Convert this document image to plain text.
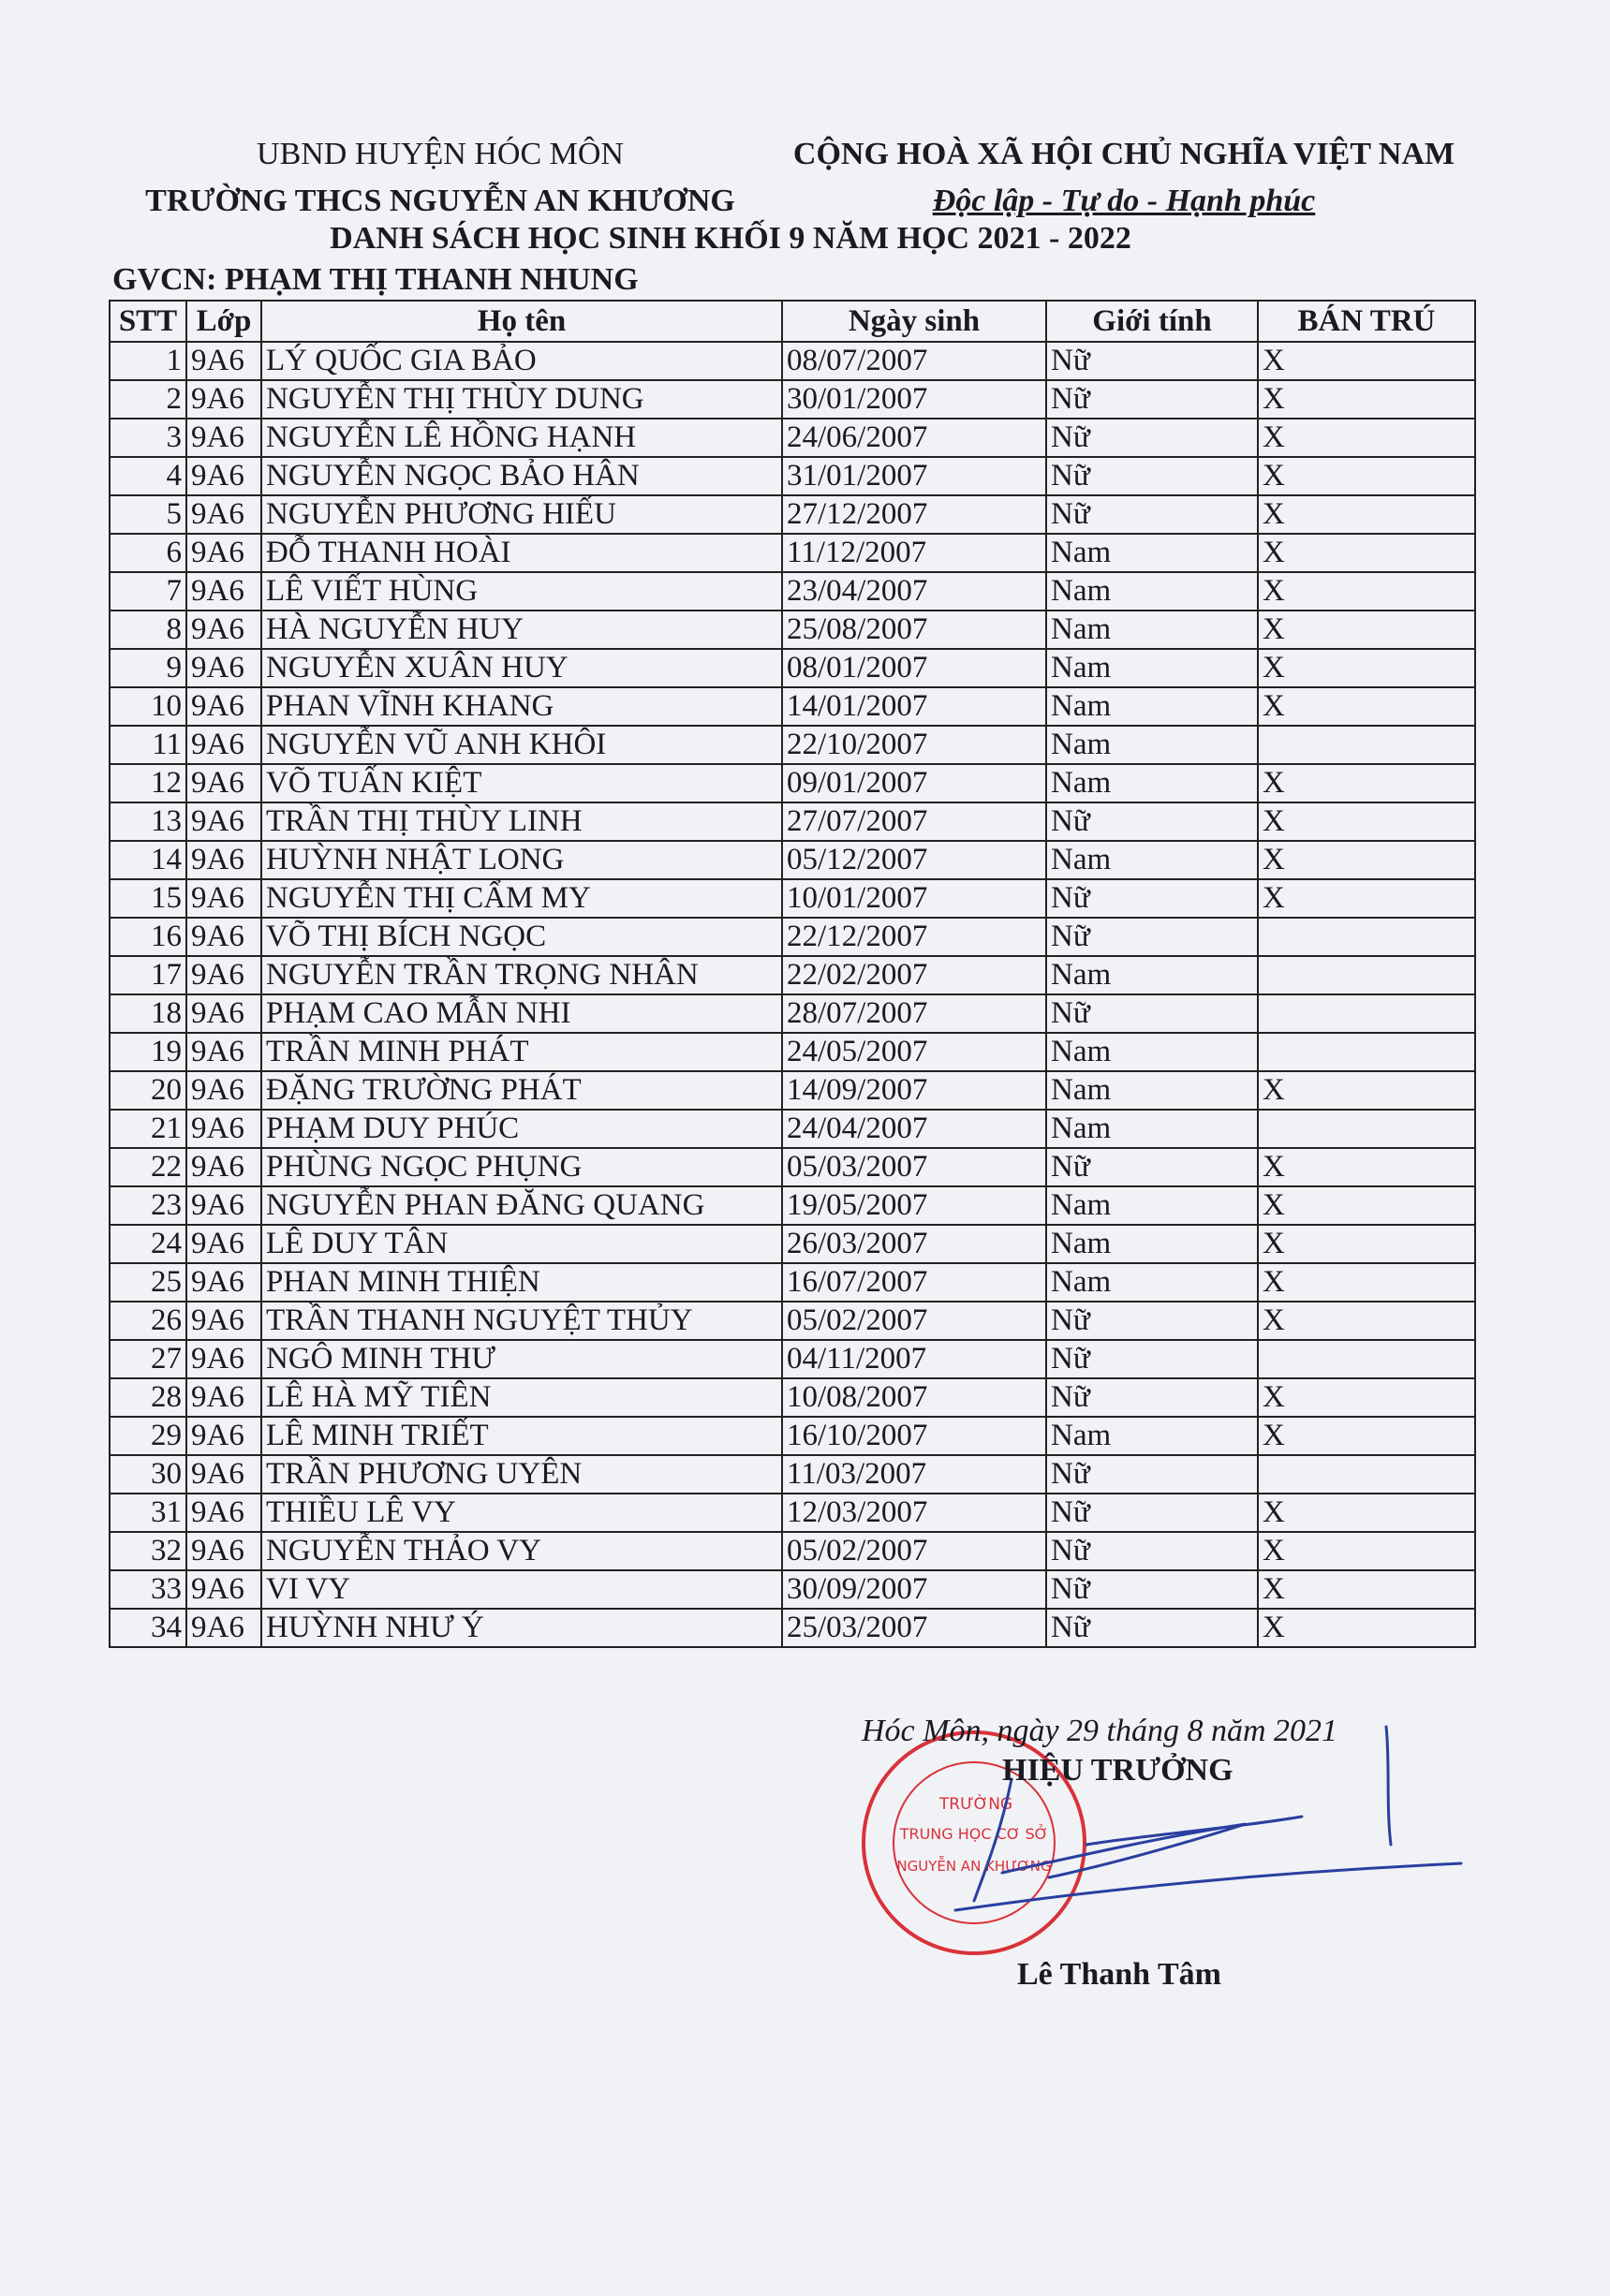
UBND HUYỆN HÓC MÔN
TRƯỜNG THCS NGUYỄN AN KHƯƠNG
CỘNG HOÀ XÃ HỘI CHỦ NGHĨA VIỆT NAM
Độc lập - Tự do - Hạnh phúc
DANH SÁCH HỌC SINH KHỐI 9 NĂM HỌC 2021 - 2022
GVCN: PHẠM THỊ THANH NHUNG
STT	Lớp	Họ tên	Ngày sinh	Giới tính	BÁN TRÚ
1	9A6	LÝ QUỐC GIA BẢO	08/07/2007	Nữ	X
2	9A6	NGUYỄN THỊ THÙY DUNG	30/01/2007	Nữ	X
3	9A6	NGUYỄN LÊ HỒNG HẠNH	24/06/2007	Nữ	X
4	9A6	NGUYỄN NGỌC BẢO HÂN	31/01/2007	Nữ	X
5	9A6	NGUYỄN PHƯƠNG HIẾU	27/12/2007	Nữ	X
6	9A6	ĐỖ THANH HOÀI	11/12/2007	Nam	X
7	9A6	LÊ VIẾT HÙNG	23/04/2007	Nam	X
8	9A6	HÀ NGUYỄN HUY	25/08/2007	Nam	X
9	9A6	NGUYỄN XUÂN HUY	08/01/2007	Nam	X
10	9A6	PHAN VĨNH KHANG	14/01/2007	Nam	X
11	9A6	NGUYỄN VŨ ANH KHÔI	22/10/2007	Nam	
12	9A6	VÕ TUẤN KIỆT	09/01/2007	Nam	X
13	9A6	TRẦN THỊ THÙY LINH	27/07/2007	Nữ	X
14	9A6	HUỲNH NHẬT LONG	05/12/2007	Nam	X
15	9A6	NGUYỄN THỊ CẨM MY	10/01/2007	Nữ	X
16	9A6	VÕ THỊ BÍCH NGỌC	22/12/2007	Nữ	
17	9A6	NGUYỄN TRẦN TRỌNG NHÂN	22/02/2007	Nam	
18	9A6	PHẠM CAO MẪN NHI	28/07/2007	Nữ	
19	9A6	TRẦN MINH PHÁT	24/05/2007	Nam	
20	9A6	ĐẶNG TRƯỜNG PHÁT	14/09/2007	Nam	X
21	9A6	PHẠM DUY PHÚC	24/04/2007	Nam	
22	9A6	PHÙNG NGỌC PHỤNG	05/03/2007	Nữ	X
23	9A6	NGUYỄN PHAN ĐĂNG QUANG	19/05/2007	Nam	X
24	9A6	LÊ DUY TÂN	26/03/2007	Nam	X
25	9A6	PHAN MINH THIỆN	16/07/2007	Nam	X
26	9A6	TRẦN THANH NGUYỆT THỦY	05/02/2007	Nữ	X
27	9A6	NGÔ MINH THƯ	04/11/2007	Nữ	
28	9A6	LÊ HÀ MỸ TIÊN	10/08/2007	Nữ	X
29	9A6	LÊ MINH TRIẾT	16/10/2007	Nam	X
30	9A6	TRẦN PHƯƠNG UYÊN	11/03/2007	Nữ	
31	9A6	THIỀU LÊ VY	12/03/2007	Nữ	X
32	9A6	NGUYỄN THẢO VY	05/02/2007	Nữ	X
33	9A6	VI VY	30/09/2007	Nữ	X
34	9A6	HUỲNH NHƯ Ý	25/03/2007	Nữ	X
TRƯỜNG
TRUNG HỌC CƠ SỞ
NGUYỄN AN KHƯƠNG
Hóc Môn, ngày 29 tháng 8 năm 2021
HIỆU TRƯỞNG
Lê Thanh Tâm
